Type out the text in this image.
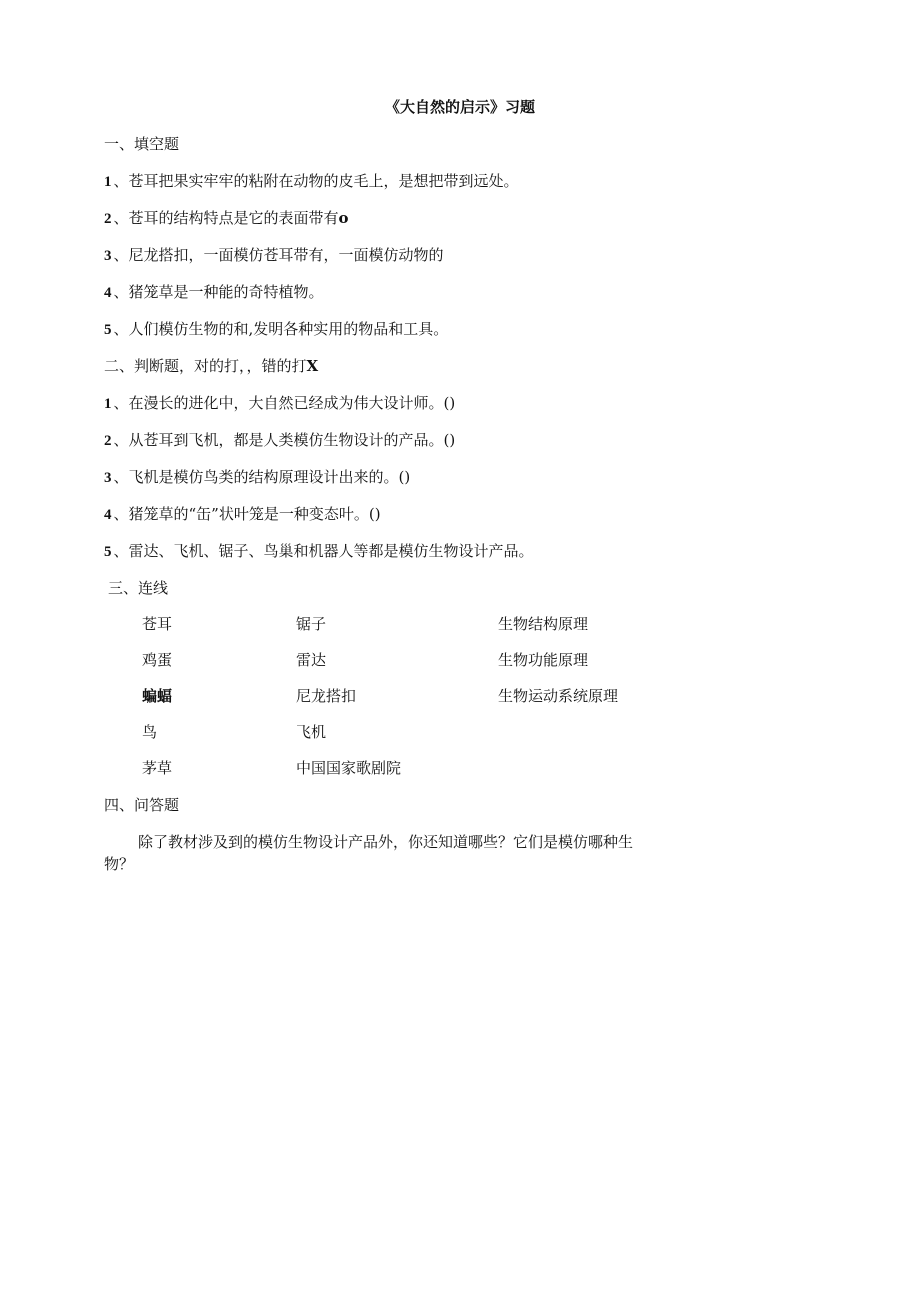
《大自然的启示》习题
一、填空题
1 、苍耳把果实牢牢的粘附在动物的皮毛上，是想把带到远处。
2 、苍耳的结构特点是它的表面带有o
3 、尼龙搭扣，一面模仿苍耳带有，一面模仿动物的
4 、猪笼草是一种能的奇特植物。
5 、人们模仿生物的和,发明各种实用的物品和工具。
二、判断题，对的打，，错的打X
1 、在漫长的进化中，大自然已经成为伟大设计师。()
2 、从苍耳到飞机，都是人类模仿生物设计的产品。()
3 、飞机是模仿鸟类的结构原理设计出来的。()
4 、猪笼草的“缶”状叶笼是一种变态叶。()
5 、雷达、飞机、锯子、鸟巢和机器人等都是模仿生物设计产品。
三、连线
苍耳
鸡蛋
蝙蝠
鸟
茅草
锯子
雷达
尼龙搭扣
飞机
中国国家歌剧院
生物结构原理
生物功能原理
生物运动系统原理
四、问答题
除了教材涉及到的模仿生物设计产品外，你还知道哪些？它们是模仿哪种生物？
